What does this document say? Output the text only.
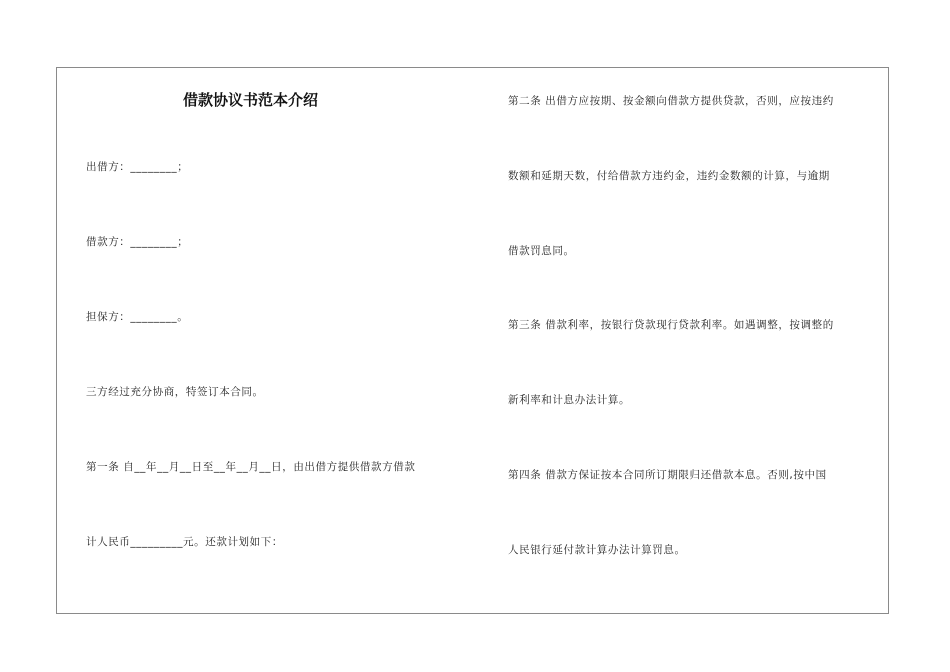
借款协议书范本介绍
出借方：________；
借款方：________；
担保方：________。
三方经过充分协商，特签订本合同。
第一条 自__年__月__日至__年__月__日，由出借方提供借款方借款
计人民币_________元。还款计划如下：
第二条 出借方应按期、按金额向借款方提供贷款，否则，应按违约
数额和延期天数，付给借款方违约金，违约金数额的计算，与逾期
借款罚息同。
第三条 借款利率，按银行贷款现行贷款利率。如遇调整，按调整的
新利率和计息办法计算。
第四条 借款方保证按本合同所订期限归还借款本息。否则,按中国
人民银行延付款计算办法计算罚息。
